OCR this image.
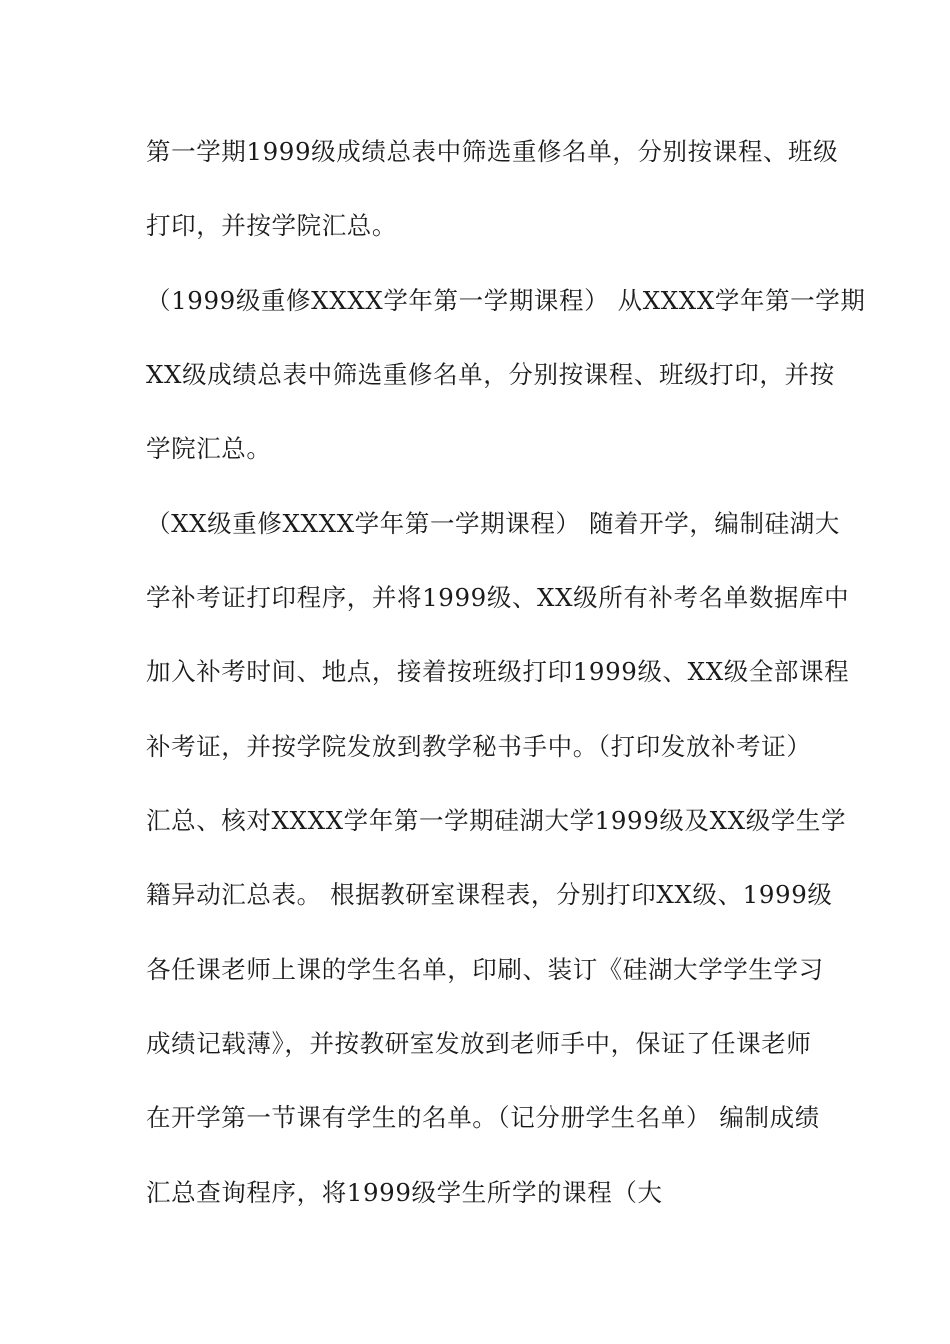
第一学期1999级成绩总表中筛选重修名单，分别按课程、班级
打印，并按学院汇总。
（1999级重修XXXX学年第一学期课程） 从XXXX学年第一学期
XX级成绩总表中筛选重修名单，分别按课程、班级打印，并按
学院汇总。
（XX级重修XXXX学年第一学期课程） 随着开学，编制硅湖大
学补考证打印程序，并将1999级、XX级所有补考名单数据库中
加入补考时间、地点，接着按班级打印1999级、XX级全部课程
补考证，并按学院发放到教学秘书手中。（打印发放补考证）
汇总、核对XXXX学年第一学期硅湖大学1999级及XX级学生学
籍异动汇总表。 根据教研室课程表，分别打印XX级、1999级
各任课老师上课的学生名单，印刷、装订《硅湖大学学生学习
成绩记载薄》，并按教研室发放到老师手中，保证了任课老师
在开学第一节课有学生的名单。（记分册学生名单） 编制成绩
汇总查询程序，将1999级学生所学的课程（大
